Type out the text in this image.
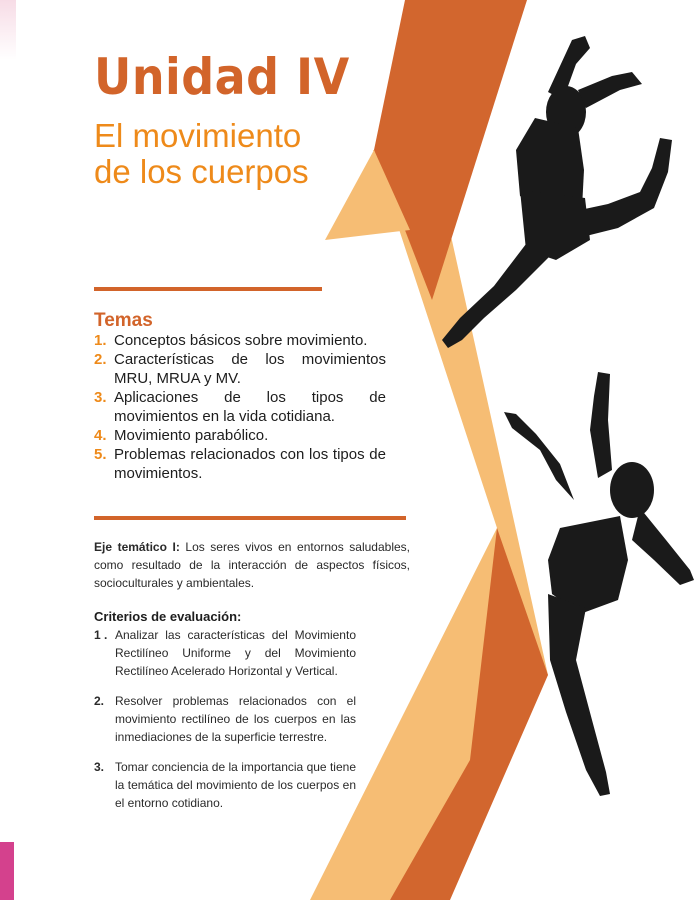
Unidad IV
El movimiento
de los cuerpos
Temas
1. Conceptos básicos sobre movimiento.
2. Características de los movimientos MRU, MRUA y MV.
3. Aplicaciones de los tipos de movimientos en la vida cotidiana.
4. Movimiento parabólico.
5. Problemas relacionados con los tipos de movimientos.
Eje temático I: Los seres vivos en entornos saludables, como resultado de la interacción de aspectos físicos, socioculturales y ambientales.
Criterios de evaluación:
1 . Analizar las características del Movimiento Rectilíneo Uniforme y del Movimiento Rectilíneo Acelerado Horizontal y Vertical.
2. Resolver problemas relacionados con el movimiento rectilíneo de los cuerpos en las inmediaciones de la superficie terrestre.
3. Tomar conciencia de la importancia que tiene la temática del movimiento de los cuerpos en el entorno cotidiano.
